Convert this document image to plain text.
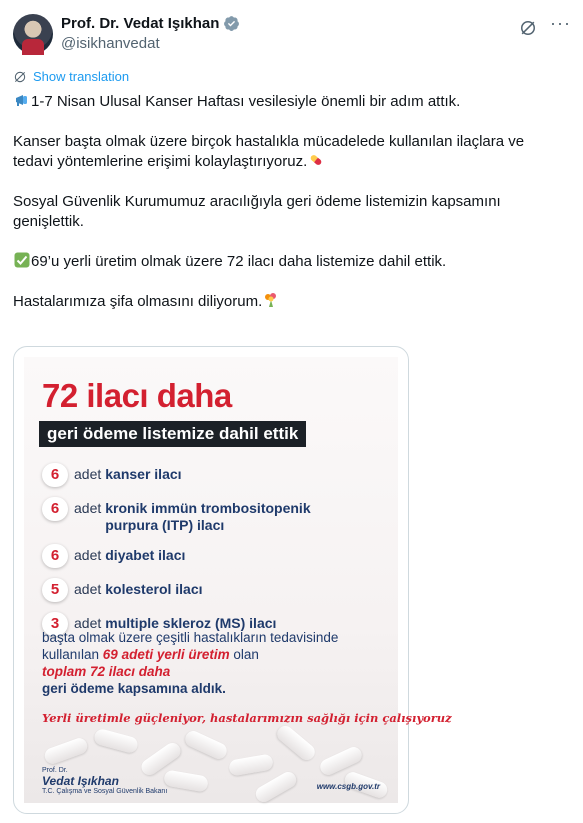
Prof. Dr. Vedat Işıkhan
@isikhanvedat
···
Show translation

1-7 Nisan Ulusal Kanser Haftası vesilesiyle önemli bir adım attık.

Kanser başta olmak üzere birçok hastalıkla mücadelede kullanılan ilaçlara ve tedavi yöntemlerine erişimi kolaylaştırıyoruz.

Sosyal Güvenlik Kurumumuz aracılığıyla geri ödeme listemizin kapsamını genişlettik.

69’u yerli üretim olmak üzere 72 ilacı daha listemize dahil ettik.

Hastalarımıza şifa olmasını diliyorum.

72 ilacı daha
geri ödeme listemize dahil ettik
6	adet kanser ilacı
6	adet kronik immün trombositopenik purpura (ITP) ilacı
6	adet diyabet ilacı
5	adet kolesterol ilacı
3	adet multiple skleroz (MS) ilacı
başta olmak üzere çeşitli hastalıkların tedavisinde kullanılan 69 adeti yerli üretim olan
toplam 72 ilacı daha
geri ödeme kapsamına aldık.
Yerli üretimle güçleniyor, hastalarımızın sağlığı için çalışıyoruz
Prof. Dr.
Vedat Işıkhan
T.C. Çalışma ve Sosyal Güvenlik Bakanı
www.csgb.gov.tr
